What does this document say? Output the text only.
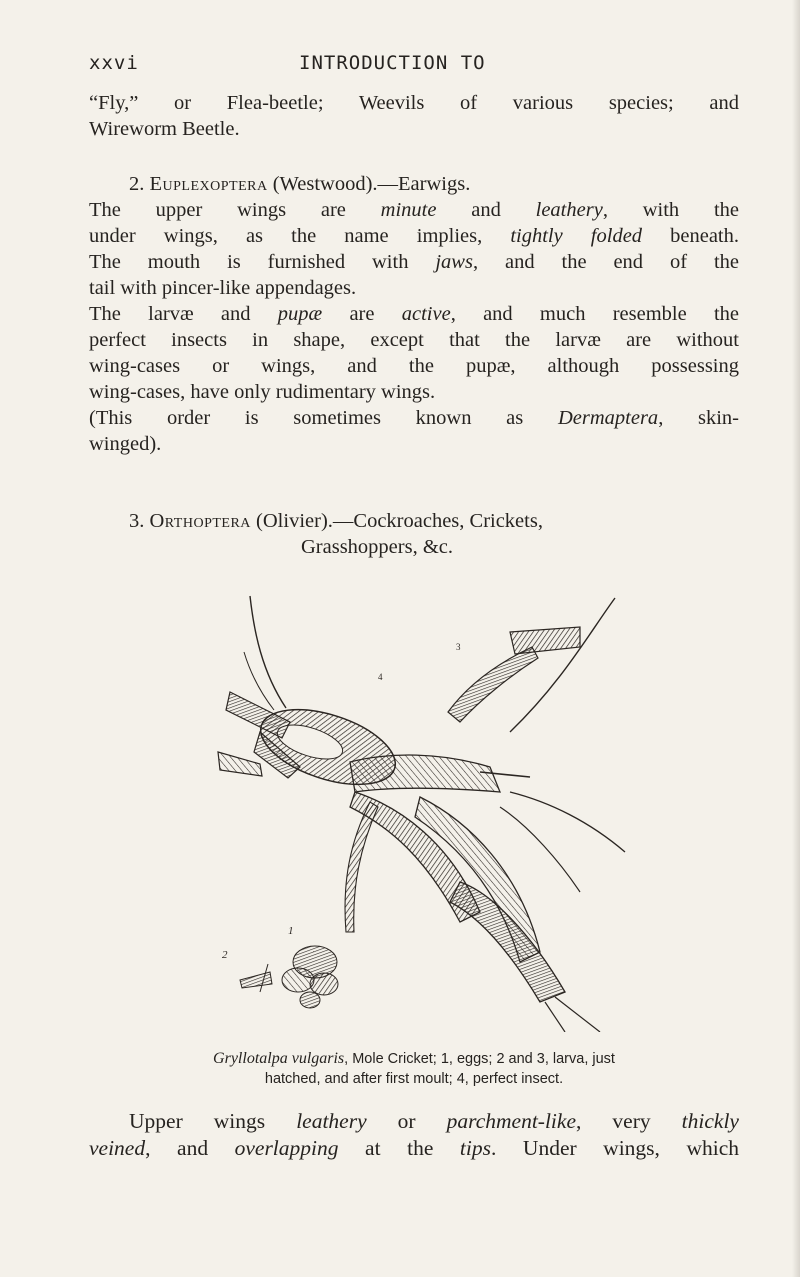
xxvi	INTRODUCTION TO
“Fly,” or Flea-beetle; Weevils of various species; and
Wireworm Beetle.
2. Euplexoptera (Westwood).—Earwigs.
The upper wings are minute and leathery, with the
under wings, as the name implies, tightly folded beneath.
The mouth is furnished with jaws, and the end of the
tail with pincer-like appendages.
The larvæ and pupæ are active, and much resemble the
perfect insects in shape, except that the larvæ are without
wing-cases or wings, and the pupæ, although possessing
wing-cases, have only rudimentary wings.
(This order is sometimes known as Dermaptera, skin-
winged).
3. Orthoptera (Olivier).—Cockroaches, Crickets,
Grasshoppers, &c.
1
2
4
3
Gryllotalpa vulgaris, Mole Cricket; 1, eggs; 2 and 3, larva, just
hatched, and after first moult; 4, perfect insect.
Upper wings leathery or parchment-like, very thickly
veined, and overlapping at the tips. Under wings, which
